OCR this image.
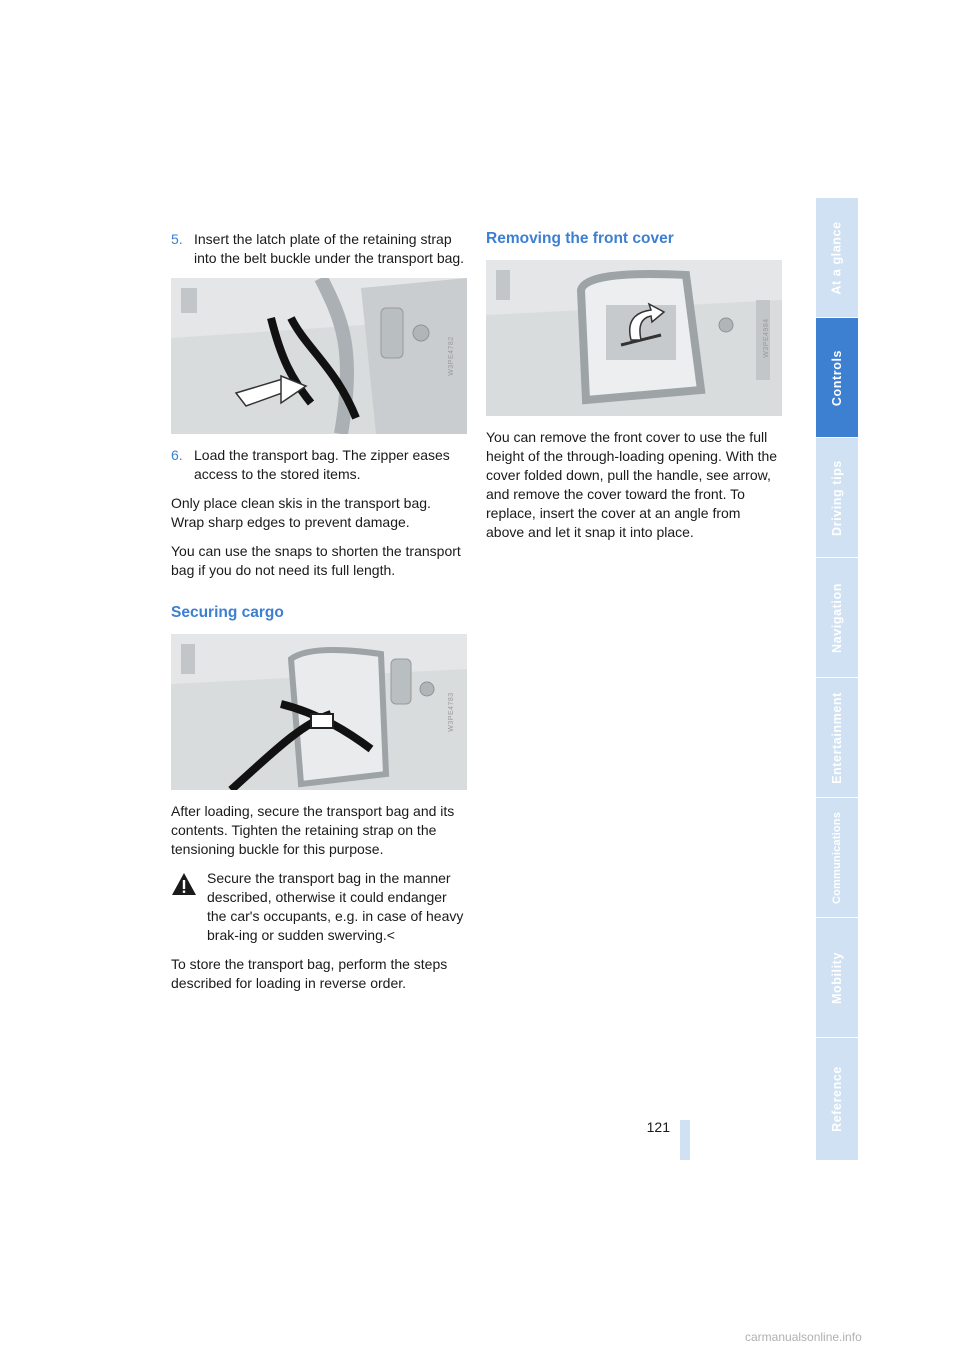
5. Insert the latch plate of the retaining strap into the belt buckle under the transport bag.
W3PE4782
6. Load the transport bag. The zipper eases access to the stored items.

Only place clean skis in the transport bag. Wrap sharp edges to prevent damage.

You can use the snaps to shorten the transport bag if you do not need its full length.

Securing cargo
W3PE4783

After loading, secure the transport bag and its contents. Tighten the retaining strap on the tensioning buckle for this purpose.

Secure the transport bag in the manner described, otherwise it could endanger the car's occupants, e.g. in case of heavy brak-ing or sudden swerving.<

To store the transport bag, perform the steps described for loading in reverse order.

Removing the front cover
W3PE4984

You can remove the front cover to use the full height of the through-loading opening. With the cover folded down, pull the handle, see arrow, and remove the cover toward the front. To replace, insert the cover at an angle from above and let it snap it into place.

At a glance
Controls
Driving tips
Navigation
Entertainment
Communications
Mobility
Reference
121
carmanualsonline.info
